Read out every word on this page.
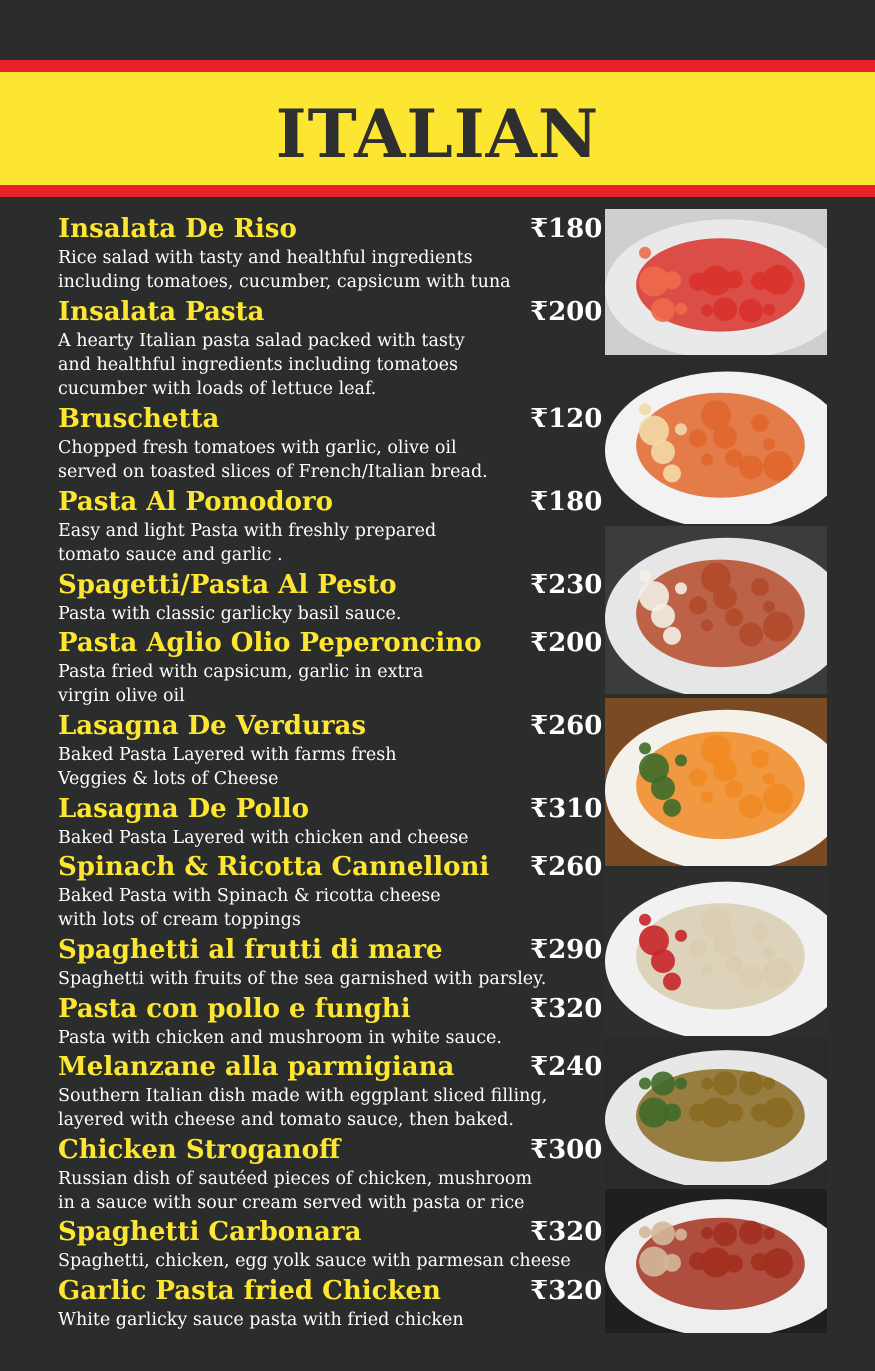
ITALIAN
Insalata De Riso	₹180
Rice salad with tasty and healthful ingredients
including tomatoes, cucumber, capsicum with tuna
Insalata Pasta	₹200
A hearty Italian pasta salad packed with tasty
and healthful ingredients including tomatoes
cucumber with loads of lettuce leaf.
Bruschetta	₹120
Chopped fresh tomatoes with garlic, olive oil
served on toasted slices of French/Italian bread.
Pasta Al Pomodoro	₹180
Easy and light Pasta with freshly prepared
tomato sauce and garlic .
Spagetti/Pasta Al Pesto	₹230
Pasta with classic garlicky basil sauce.
Pasta Aglio Olio Peperoncino ₹200
Pasta fried with capsicum, garlic in extra
virgin olive oil
Lasagna De Verduras	₹260
Baked Pasta Layered with farms fresh
Veggies & lots of Cheese
Lasagna De Pollo	₹310
Baked Pasta Layered with chicken and cheese
Spinach & Ricotta Cannelloni ₹260
Baked Pasta with Spinach & ricotta cheese
with lots of cream toppings
Spaghetti al frutti di mare	₹290
Spaghetti with fruits of the sea garnished with parsley.
Pasta con pollo e funghi	₹320
Pasta with chicken and mushroom in white sauce.
Melanzane alla parmigiana	₹240
Southern Italian dish made with eggplant sliced filling,
layered with cheese and tomato sauce, then baked.
Chicken Stroganoff	₹300
Russian dish of sautéed pieces of chicken, mushroom
in a sauce with sour cream served with pasta or rice
Spaghetti Carbonara	₹320
Spaghetti, chicken, egg yolk sauce with parmesan cheese
Garlic Pasta fried Chicken	₹320
White garlicky sauce pasta with fried chicken
